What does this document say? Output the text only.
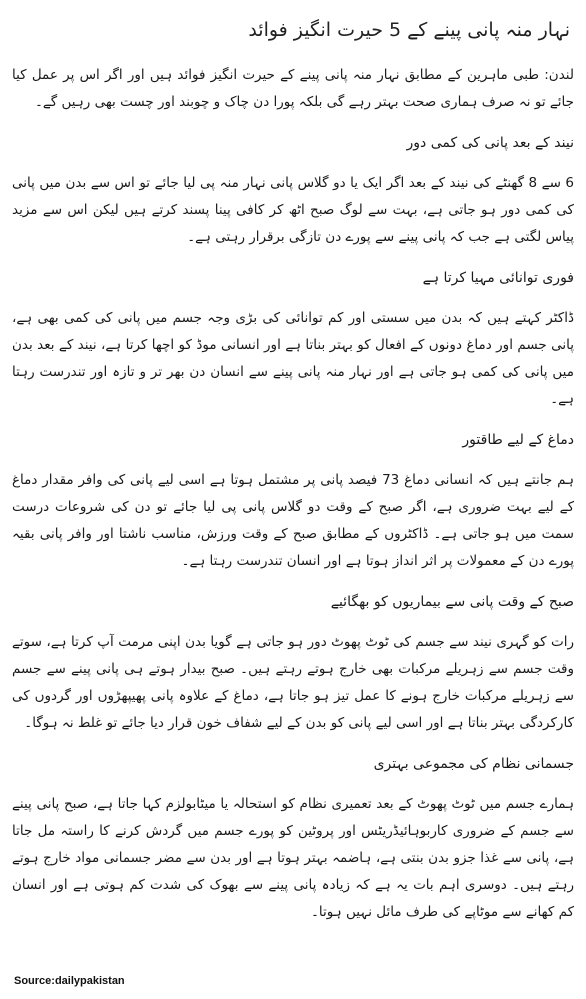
نہار منہ پانی پینے کے 5 حیرت انگیز فوائد
لندن: طبی ماہرین کے مطابق نہار منہ پانی پینے کے حیرت انگیز فوائد ہیں اور اگر اس پر عمل کیا جائے تو نہ صرف ہماری صحت بہتر رہے گی بلکہ پورا دن چاک و چوبند اور چست بھی رہیں گے۔
نیند کے بعد پانی کی کمی دور
6 سے 8 گھنٹے کی نیند کے بعد اگر ایک یا دو گلاس پانی نہار منہ پی لیا جائے تو اس سے بدن میں پانی کی کمی دور ہو جاتی ہے، بہت سے لوگ صبح اٹھ کر کافی پینا پسند کرتے ہیں لیکن اس سے مزید پیاس لگتی ہے جب کہ پانی پینے سے پورے دن تازگی برقرار رہتی ہے۔
فوری توانائی مہیا کرتا ہے
ڈاکٹر کہتے ہیں کہ بدن میں سستی اور کم توانائی کی بڑی وجہ جسم میں پانی کی کمی بھی ہے، پانی جسم اور دماغ دونوں کے افعال کو بہتر بناتا ہے اور انسانی موڈ کو اچھا کرتا ہے، نیند کے بعد بدن میں پانی کی کمی ہو جاتی ہے اور نہار منہ پانی پینے سے انسان دن بھر تر و تازہ اور تندرست رہتا ہے۔
دماغ کے لیے طاقتور
ہم جانتے ہیں کہ انسانی دماغ 73 فیصد پانی پر مشتمل ہوتا ہے اسی لیے پانی کی وافر مقدار دماغ کے لیے بہت ضروری ہے، اگر صبح کے وقت دو گلاس پانی پی لیا جائے تو دن کی شروعات درست سمت میں ہو جاتی ہے۔ ڈاکٹروں کے مطابق صبح کے وقت ورزش، مناسب ناشتا اور وافر پانی بقیہ پورے دن کے معمولات پر اثر انداز ہوتا ہے اور انسان تندرست رہتا ہے۔
صبح کے وقت پانی سے بیماریوں کو بھگائیے
رات کو گہری نیند سے جسم کی ٹوٹ پھوٹ دور ہو جاتی ہے گویا بدن اپنی مرمت آپ کرتا ہے، سوتے وقت جسم سے زہریلے مرکبات بھی خارج ہوتے رہتے ہیں۔ صبح بیدار ہوتے ہی پانی پینے سے جسم سے زہریلے مرکبات خارج ہونے کا عمل تیز ہو جاتا ہے، دماغ کے علاوہ پانی پھیپھڑوں اور گردوں کی کارکردگی بہتر بناتا ہے اور اسی لیے پانی کو بدن کے لیے شفاف خون قرار دیا جائے تو غلط نہ ہوگا۔
جسمانی نظام کی مجموعی بہتری
ہمارے جسم میں ٹوٹ پھوٹ کے بعد تعمیری نظام کو استحالہ یا میٹابولزم کہا جاتا ہے، صبح پانی پینے سے جسم کے ضروری کاربوہائیڈریٹس اور پروٹین کو پورے جسم میں گردش کرنے کا راستہ مل جاتا ہے، پانی سے غذا جزو بدن بنتی ہے، ہاضمہ بہتر ہوتا ہے اور بدن سے مضر جسمانی مواد خارج ہوتے رہتے ہیں۔ دوسری اہم بات یہ ہے کہ زیادہ پانی پینے سے بھوک کی شدت کم ہوتی ہے اور انسان کم کھانے سے موٹاپے کی طرف مائل نہیں ہوتا۔
Source:dailypakistan
